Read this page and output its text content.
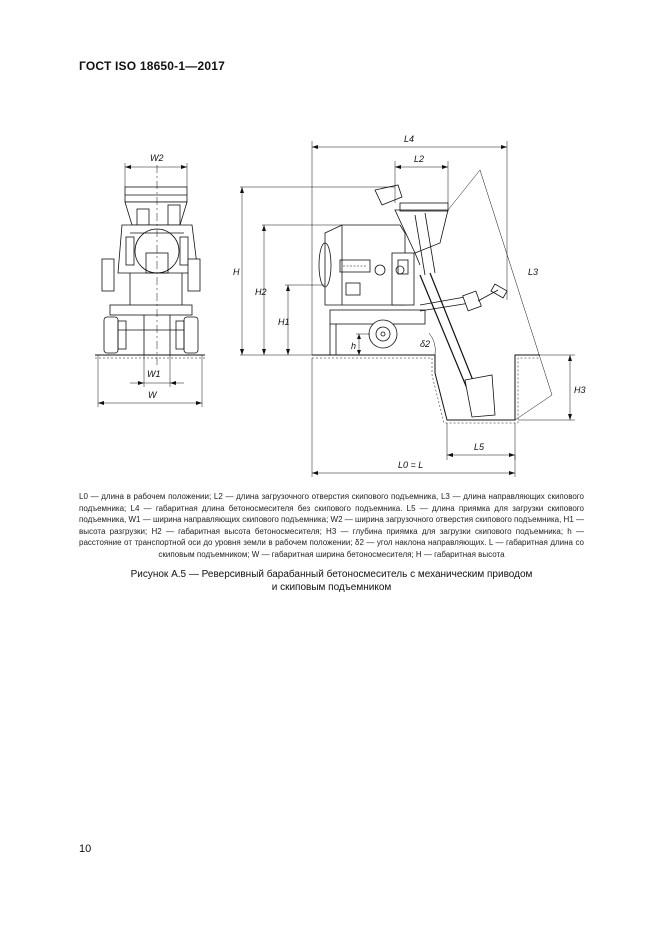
ГОСТ ISO 18650-1—2017
W2
W1
W
L4
L2
L3
H
H2
H1
h	δ2
H3
L5
L0 = L
L0 — длина в рабочем положении; L2 — длина загрузочного отверстия скипового подъемника, L3 — длина направляющих скипового подъемника; L4 — габаритная длина бетоносмесителя без скипового подъемника. L5 — длина приямка для загрузки скипового подъемника, W1 — ширина направляющих скипового подъемника; W2 — ширина загрузочного отверстия скипового подъемника, H1 — высота разгрузки; H2 — габаритная высота бетоносмесителя; H3 — глубина приямка для загрузки скипового подъемника; h — расстояние от транспортной оси до уровня земли в рабочем положении; δ2 — угол наклона направляющих. L — габаритная длина со скиповым подъемником; W — габаритная ширина бетоносмесителя; H — габаритная высота
Рисунок А.5 — Реверсивный барабанный бетоносмеситель с механическим приводом
и скиповым подъемником
10
